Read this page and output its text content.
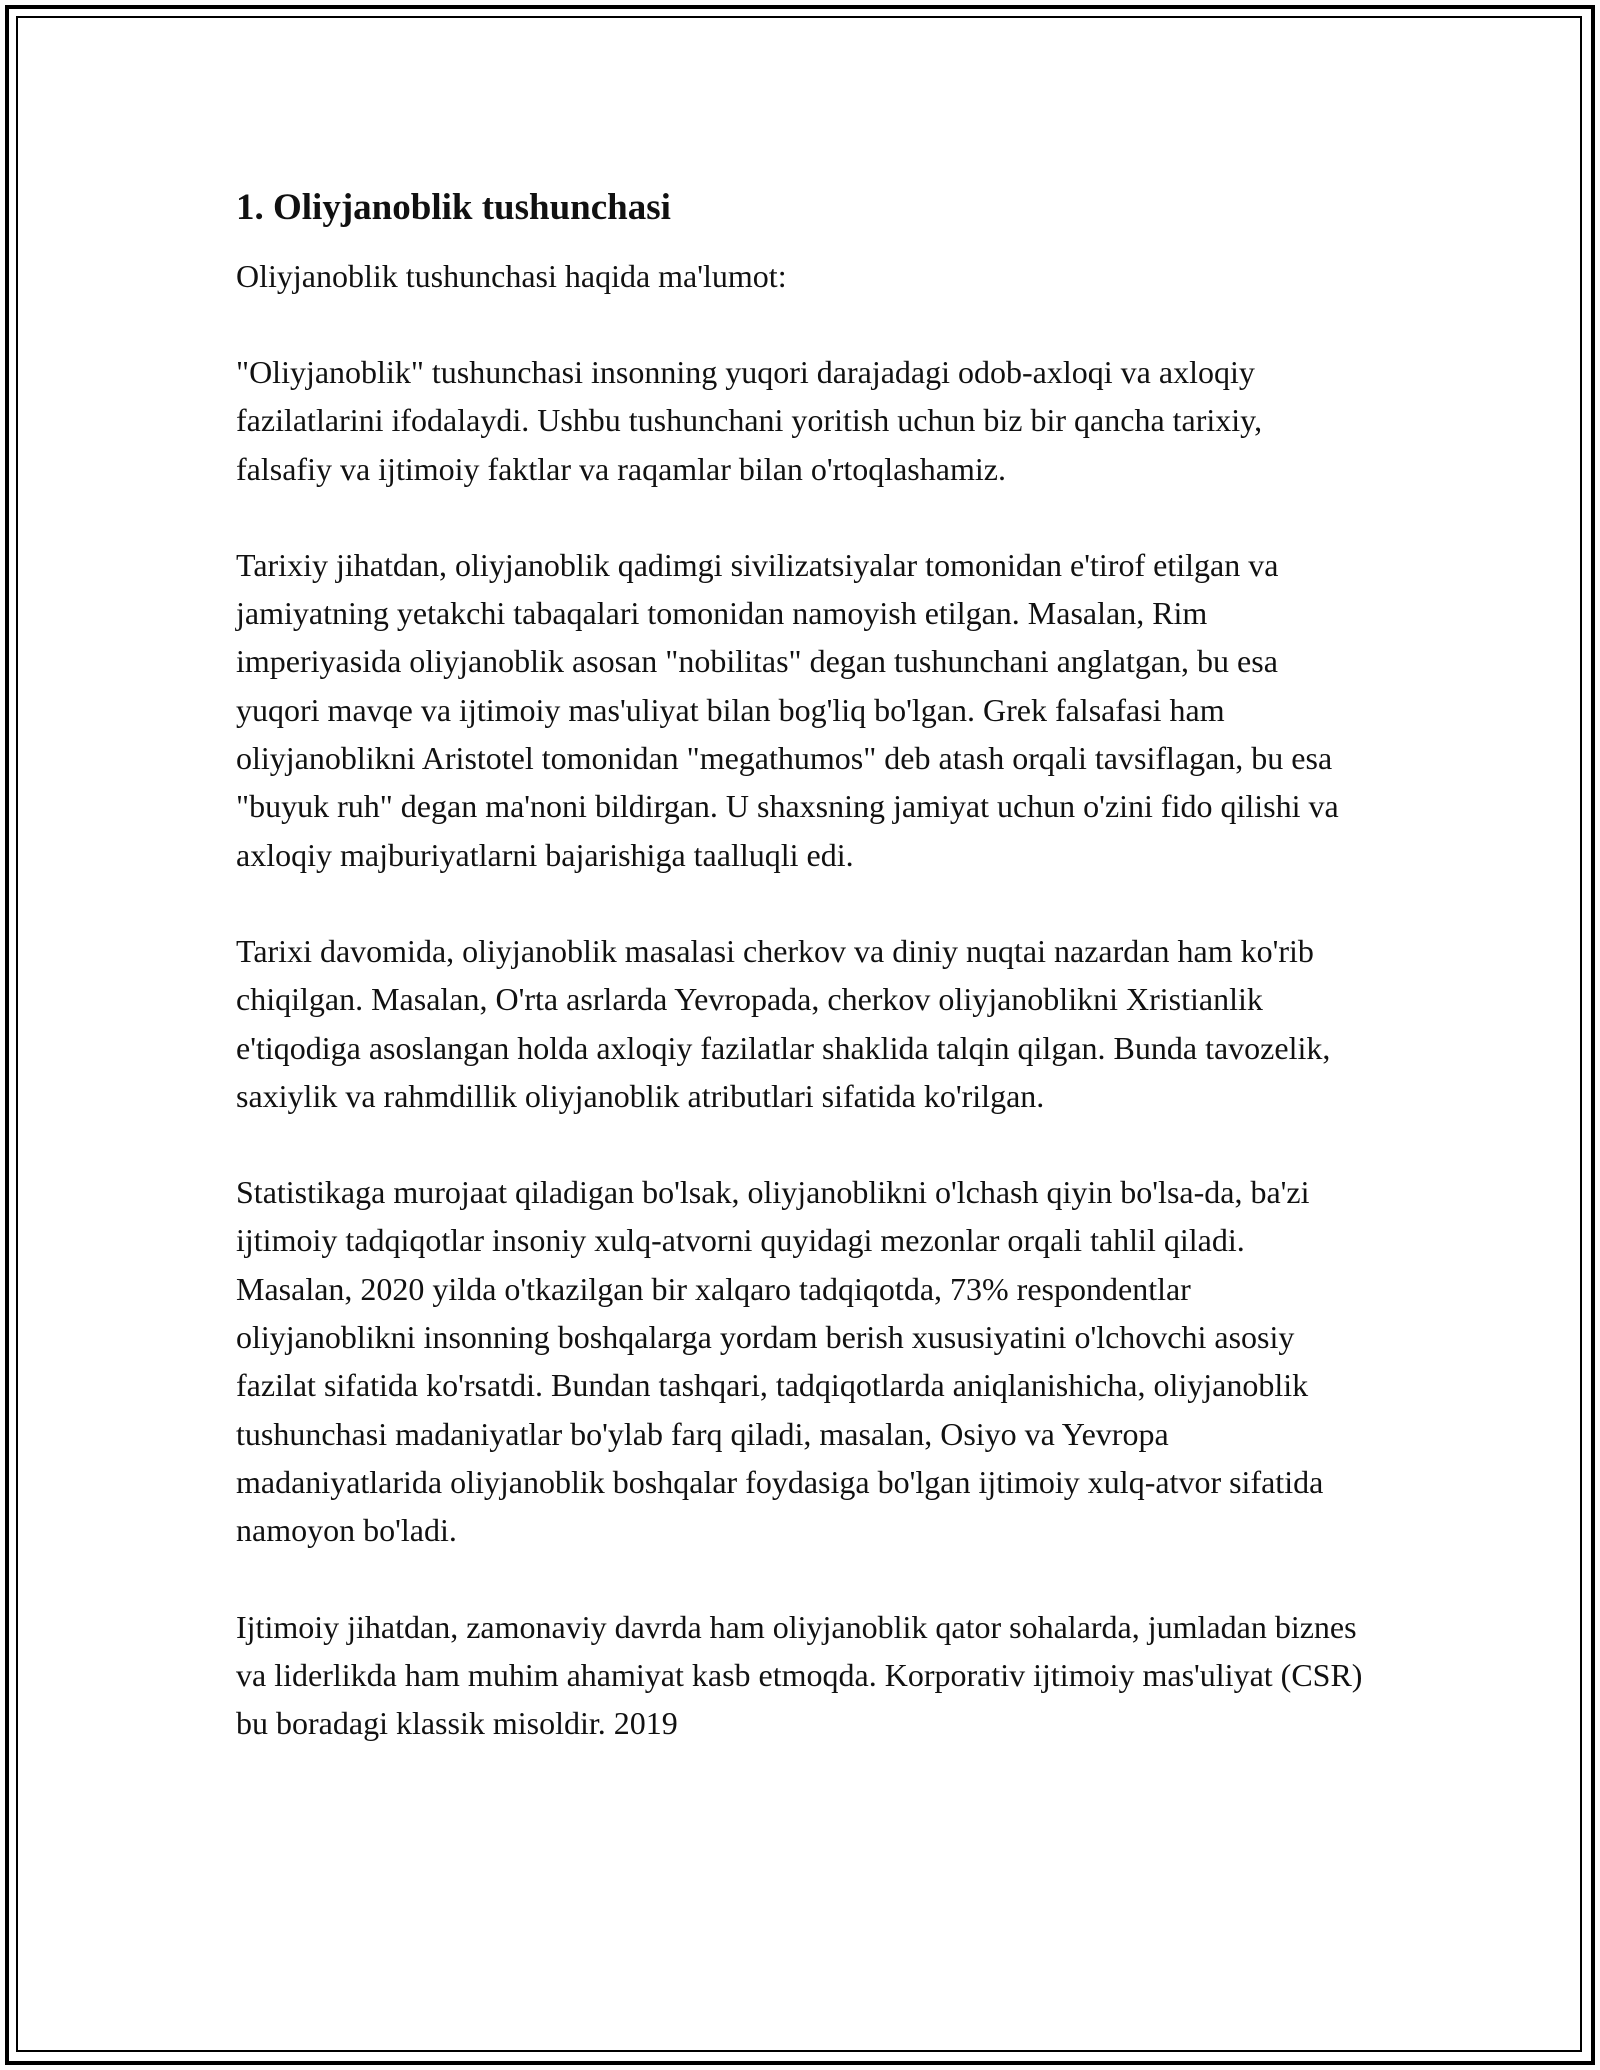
1. Oliyjanoblik tushunchasi

Oliyjanoblik tushunchasi haqida ma'lumot:

"Oliyjanoblik" tushunchasi insonning yuqori darajadagi odob-axloqi va axloqiy fazilatlarini ifodalaydi. Ushbu tushunchani yoritish uchun biz bir qancha tarixiy, falsafiy va ijtimoiy faktlar va raqamlar bilan o'rtoqlashamiz.

Tarixiy jihatdan, oliyjanoblik qadimgi sivilizatsiyalar tomonidan e'tirof etilgan va jamiyatning yetakchi tabaqalari tomonidan namoyish etilgan. Masalan, Rim imperiyasida oliyjanoblik asosan "nobilitas" degan tushunchani anglatgan, bu esa yuqori mavqe va ijtimoiy mas'uliyat bilan bog'liq bo'lgan. Grek falsafasi ham oliyjanoblikni Aristotel tomonidan "megathumos" deb atash orqali tavsiflagan, bu esa "buyuk ruh" degan ma'noni bildirgan. U shaxsning jamiyat uchun o'zini fido qilishi va axloqiy majburiyatlarni bajarishiga taalluqli edi.

Tarixi davomida, oliyjanoblik masalasi cherkov va diniy nuqtai nazardan ham ko'rib chiqilgan. Masalan, O'rta asrlarda Yevropada, cherkov oliyjanoblikni Xristianlik e'tiqodiga asoslangan holda axloqiy fazilatlar shaklida talqin qilgan. Bunda tavozelik, saxiylik va rahmdillik oliyjanoblik atributlari sifatida ko'rilgan.

Statistikaga murojaat qiladigan bo'lsak, oliyjanoblikni o'lchash qiyin bo'lsa-da, ba'zi ijtimoiy tadqiqotlar insoniy xulq-atvorni quyidagi mezonlar orqali tahlil qiladi. Masalan, 2020 yilda o'tkazilgan bir xalqaro tadqiqotda, 73% respondentlar oliyjanoblikni insonning boshqalarga yordam berish xususiyatini o'lchovchi asosiy fazilat sifatida ko'rsatdi. Bundan tashqari, tadqiqotlarda aniqlanishicha, oliyjanoblik tushunchasi madaniyatlar bo'ylab farq qiladi, masalan, Osiyo va Yevropa madaniyatlarida oliyjanoblik boshqalar foydasiga bo'lgan ijtimoiy xulq-atvor sifatida namoyon bo'ladi.

Ijtimoiy jihatdan, zamonaviy davrda ham oliyjanoblik qator sohalarda, jumladan biznes va liderlikda ham muhim ahamiyat kasb etmoqda. Korporativ ijtimoiy mas'uliyat (CSR) bu boradagi klassik misoldir. 2019
